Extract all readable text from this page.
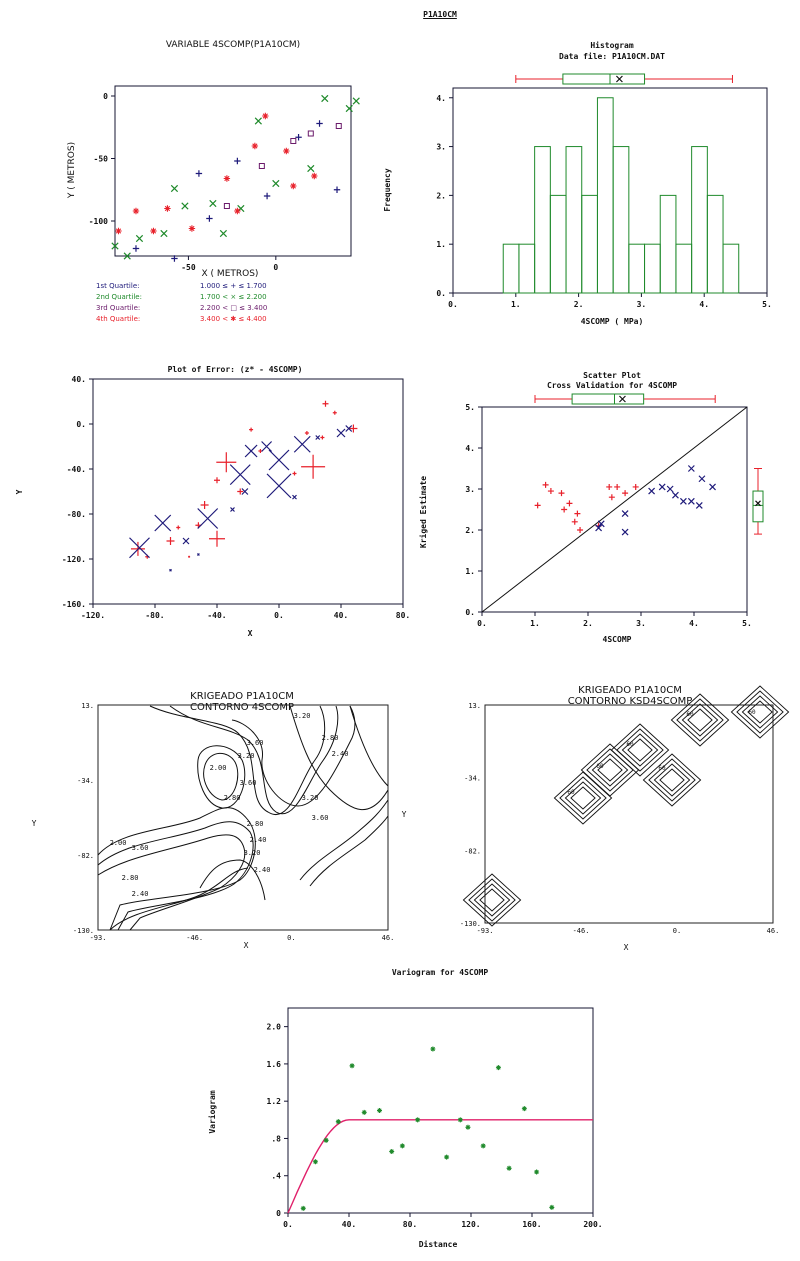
P1A10CM
VARIABLE 4SCOMP(P1A10CM)
-50	0
0
-50
-100
X ( METROS)
Y ( METROS)
1st Quartile:	1.000 ≤ + ≤ 1.700
2nd Quartile:	1.700 < × ≤ 2.200
3rd Quartile:	2.200 < □ ≤ 3.400
4th Quartile:	3.400 < ✱ ≤ 4.400
Histogram
Data file: P1A10CM.DAT
0.	1.	2.	3.	4.	5.
0.
1.
2.
3.
4.
4SCOMP ( MPa)
Frequency
Plot of Error: (z* - 4SCOMP)
-120.	-80.	-40.	0.	40.	80.
40.
0.
-40.
-80.
-120.
-160.
X
Y
Scatter Plot
Cross Validation for 4SCOMP
0.	1.	2.	3.	4.	5.
0.
1.
2.
3.
4.
5.
4SCOMP
Kriged Estimate
KRIGEADO P1A10CM
CONTORNO 4SCOMP
-93.	-46.	0.	46.
13.
-34.
-82.
-130.
X
Y
3.60
3.20
2.80
2.40
2.00
3.20
3.60
2.80	3.20
3.60
2.80
2.40
2.00
3.60
3.20
2.40
2.80
2.40
KRIGEADO P1A10CM
CONTORNO KSD4SCOMP
-93.	-46.	0.	46.
13.
-34.
-82.
-130.
X
Y
60
60
60
60
60	60
Variogram for 4SCOMP
0.	40.	80.	120.	160.	200.
0
.4
.8
1.2
1.6
2.0
Distance
Variogram
